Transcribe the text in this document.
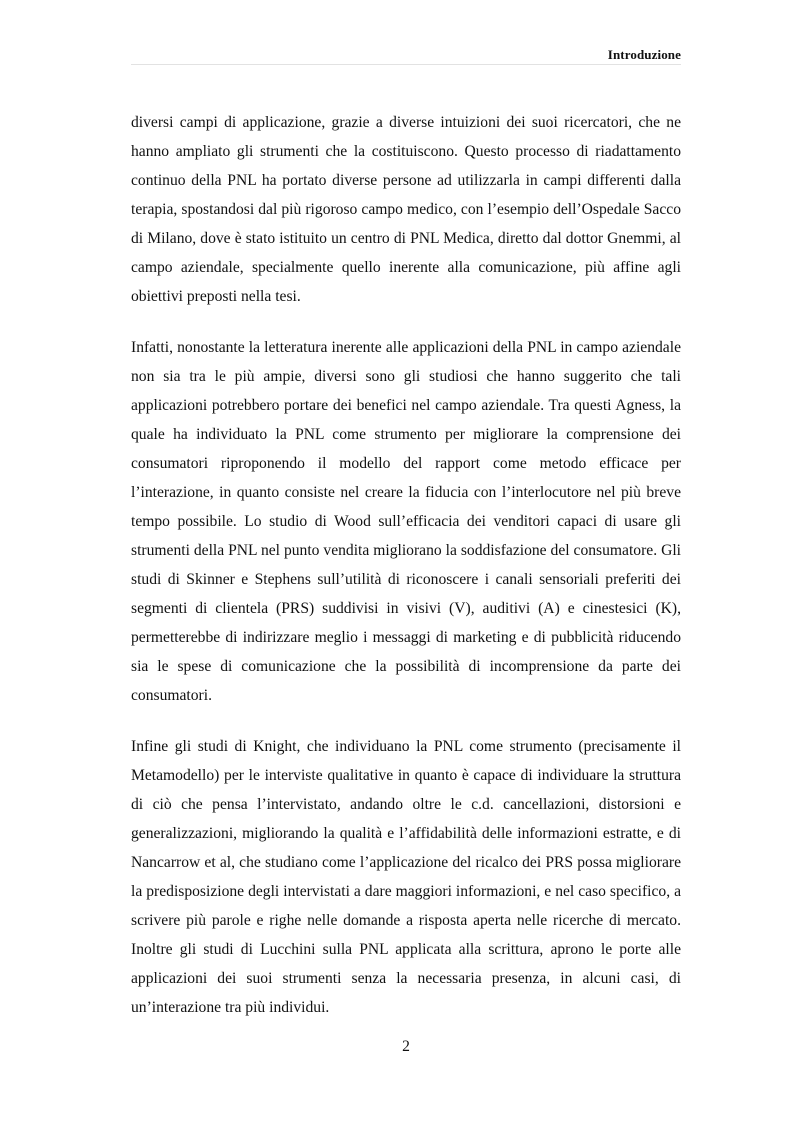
Introduzione

diversi campi di applicazione, grazie a diverse intuizioni dei suoi ricercatori, che ne hanno ampliato gli strumenti che la costituiscono. Questo processo di riadattamento continuo della PNL ha portato diverse persone ad utilizzarla in campi differenti dalla terapia, spostandosi dal più rigoroso campo medico, con l’esempio dell’Ospedale Sacco di Milano, dove è stato istituito un centro di PNL Medica, diretto dal dottor Gnemmi, al campo aziendale, specialmente quello inerente alla comunicazione, più affine agli obiettivi preposti nella tesi.

Infatti, nonostante la letteratura inerente alle applicazioni della PNL in campo aziendale non sia tra le più ampie, diversi sono gli studiosi che hanno suggerito che tali applicazioni potrebbero portare dei benefici nel campo aziendale. Tra questi Agness, la quale ha individuato la PNL come strumento per migliorare la comprensione dei consumatori riproponendo il modello del rapport come metodo efficace per l’interazione, in quanto consiste nel creare la fiducia con l’interlocutore nel più breve tempo possibile. Lo studio di Wood sull’efficacia dei venditori capaci di usare gli strumenti della PNL nel punto vendita migliorano la soddisfazione del consumatore. Gli studi di Skinner e Stephens sull’utilità di riconoscere i canali sensoriali preferiti dei segmenti di clientela (PRS) suddivisi in visivi (V), auditivi (A) e cinestesici (K), permetterebbe di indirizzare meglio i messaggi di marketing e di pubblicità riducendo sia le spese di comunicazione che la possibilità di incomprensione da parte dei consumatori.

Infine gli studi di Knight, che individuano la PNL come strumento (precisamente il Metamodello) per le interviste qualitative in quanto è capace di individuare la struttura di ciò che pensa l’intervistato, andando oltre le c.d. cancellazioni, distorsioni e generalizzazioni, migliorando la qualità e l’affidabilità delle informazioni estratte, e di Nancarrow et al, che studiano come l’applicazione del ricalco dei PRS possa migliorare la predisposizione degli intervistati a dare maggiori informazioni, e nel caso specifico, a scrivere più parole e righe nelle domande a risposta aperta nelle ricerche di mercato. Inoltre gli studi di Lucchini sulla PNL applicata alla scrittura, aprono le porte alle applicazioni dei suoi strumenti senza la necessaria presenza, in alcuni casi, di un’interazione tra più individui.

2
